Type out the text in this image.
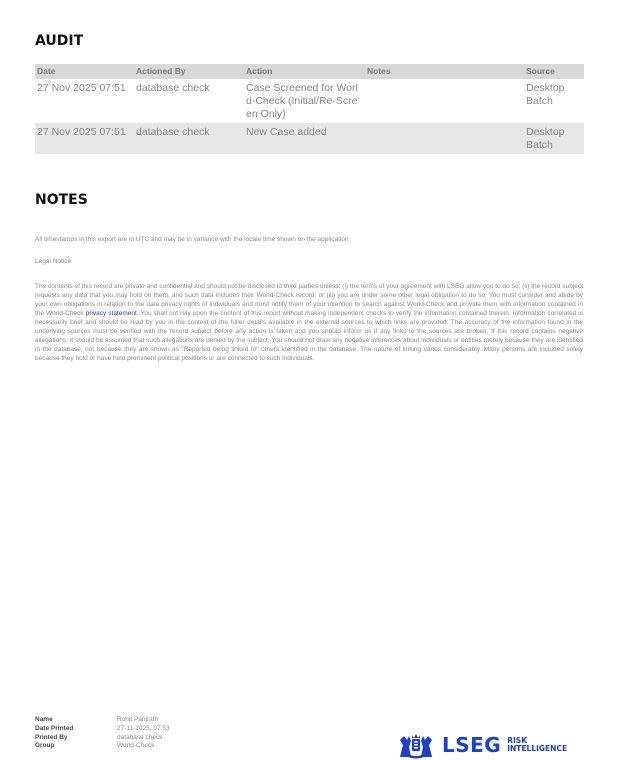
AUDIT
Date	Actioned By	Action	Notes	Source
27 Nov 2025 07:51	database check	Case Screened for World-Check (Initial/Re-Screen Only)		Desktop Batch
27 Nov 2025 07:51	database check	New Case added		Desktop Batch
NOTES
All timestamps in this export are in UTC and may be in variance with the locale time shown on the application
Legal Notice

The contents of this record are private and confidential and should not be disclosed to third parties unless: (i) the terms of your agreement with LSEG allow you to do so; (ii) the record subject requests any data that you may hold on them, and such data includes their World-Check record; or (iii) you are under some other legal obligation to do so. You must consider and abide by your own obligations in relation to the data privacy rights of individuals and must notify them of your intention to search against World-Check and provide them with information contained in the World-Check privacy statement. You shall not rely upon the content of this report without making independent checks to verify the information contained therein. Information correlated is necessarily brief and should be read by you in the context of the fuller details available in the external sources to which links are provided. The accuracy of the information found in the underlying sources must be verified with the record subject before any action is taken and you should inform us if any links to the sources are broken. If this record contains negative allegations, it should be assumed that such allegations are denied by the subject. You should not draw any negative inferences about individuals or entities merely because they are identified in the database, nor because they are shown as "Reported being linked to" others identified in the database. The nature of linking varies considerably. Many persons are included solely because they hold or have held prominent political positions or are connected to such individuals.

Name	Rohit Panjrath
Date Printed	27-11-2025, 07:53
Printed By	database check
Group	World-Check	LSEG RISK
INTELLIGENCE
